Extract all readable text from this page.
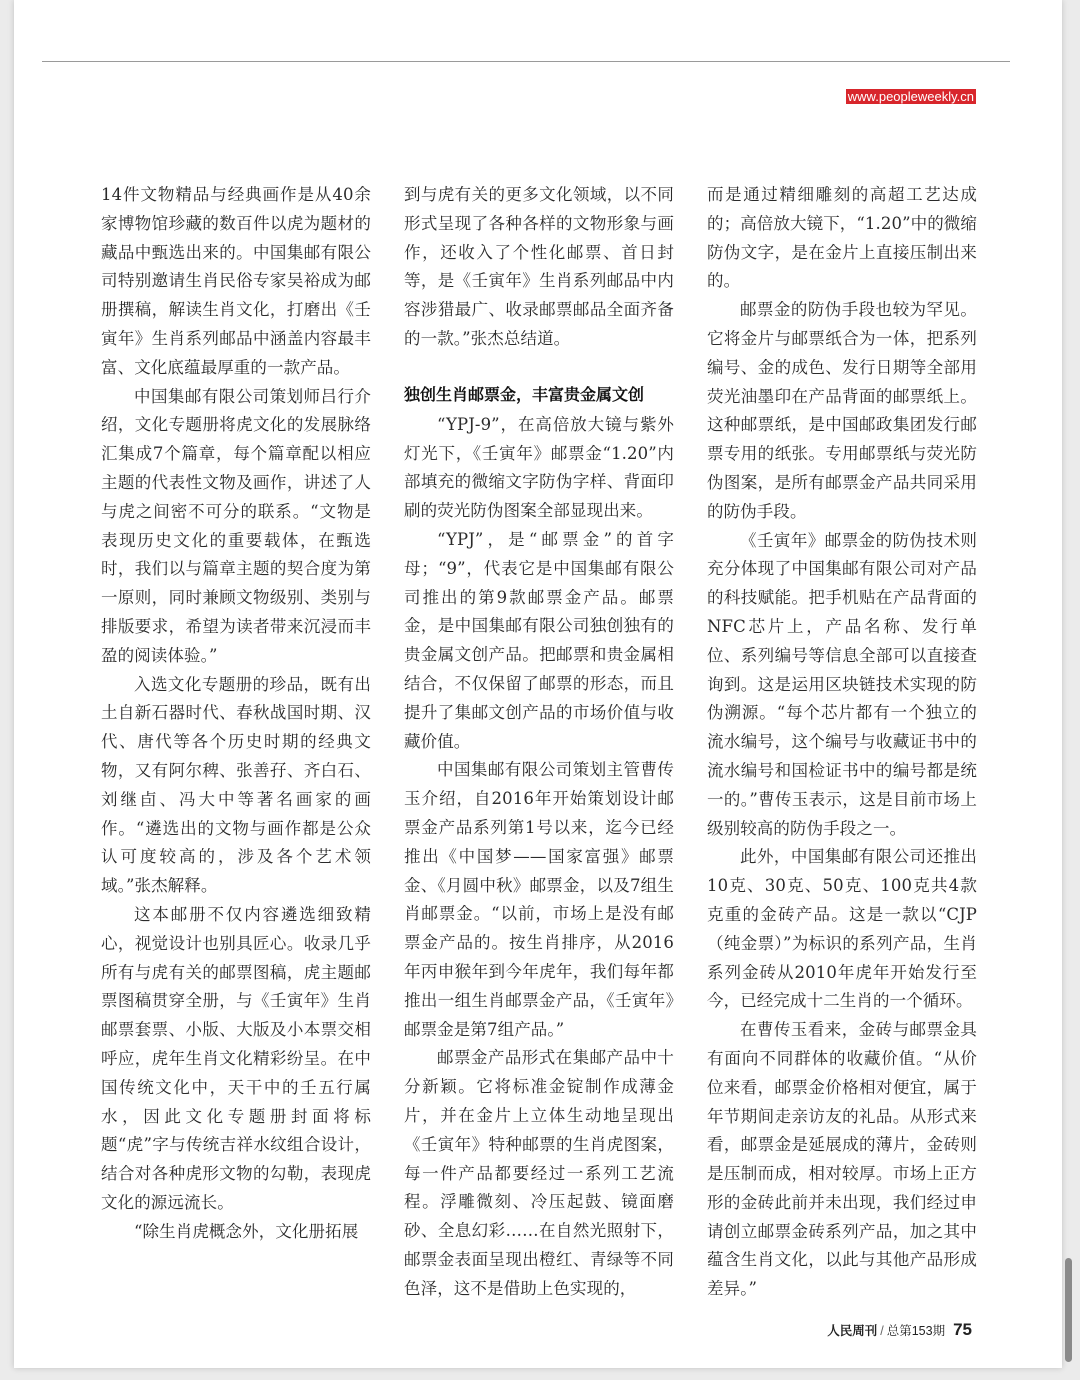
www.peopleweekly.cn

14件文物精品与经典画作是从40余家博物馆珍藏的数百件以虎为题材的藏品中甄选出来的。中国集邮有限公司特别邀请生肖民俗专家吴裕成为邮册撰稿，解读生肖文化，打磨出《壬寅年》生肖系列邮品中涵盖内容最丰富、文化底蕴最厚重的一款产品。

中国集邮有限公司策划师吕行介绍，文化专题册将虎文化的发展脉络汇集成7个篇章，每个篇章配以相应主题的代表性文物及画作，讲述了人与虎之间密不可分的联系。“文物是表现历史文化的重要载体，在甄选时，我们以与篇章主题的契合度为第一原则，同时兼顾文物级别、类别与排版要求，希望为读者带来沉浸而丰盈的阅读体验。”

入选文化专题册的珍品，既有出土自新石器时代、春秋战国时期、汉代、唐代等各个历史时期的经典文物，又有阿尔稗、张善孖、齐白石、刘继卣、冯大中等著名画家的画作。“遴选出的文物与画作都是公众认可度较高的，涉及各个艺术领域。”张杰解释。

这本邮册不仅内容遴选细致精心，视觉设计也别具匠心。收录几乎所有与虎有关的邮票图稿，虎主题邮票图稿贯穿全册，与《壬寅年》生肖邮票套票、小版、大版及小本票交相呼应，虎年生肖文化精彩纷呈。在中国传统文化中，天干中的壬五行属水，因此文化专题册封面将标题“虎”字与传统吉祥水纹组合设计，结合对各种虎形文物的勾勒，表现虎文化的源远流长。

“除生肖虎概念外，文化册拓展

到与虎有关的更多文化领域，以不同形式呈现了各种各样的文物形象与画作，还收入了个性化邮票、首日封等，是《壬寅年》生肖系列邮品中内容涉猎最广、收录邮票邮品全面齐备的一款。”张杰总结道。

独创生肖邮票金，丰富贵金属文创

“YPJ-9”，在高倍放大镜与紫外灯光下，《壬寅年》邮票金“1.20”内部填充的微缩文字防伪字样、背面印刷的荧光防伪图案全部显现出来。

“YPJ”，是“邮票金”的首字母；“9”，代表它是中国集邮有限公司推出的第9款邮票金产品。邮票金，是中国集邮有限公司独创独有的贵金属文创产品。把邮票和贵金属相结合，不仅保留了邮票的形态，而且提升了集邮文创产品的市场价值与收藏价值。

中国集邮有限公司策划主管曹传玉介绍，自2016年开始策划设计邮票金产品系列第1号以来，迄今已经推出《中国梦——国家富强》邮票金、《月圆中秋》邮票金，以及7组生肖邮票金。“以前，市场上是没有邮票金产品的。按生肖排序，从2016年丙申猴年到今年虎年，我们每年都推出一组生肖邮票金产品，《壬寅年》邮票金是第7组产品。”

邮票金产品形式在集邮产品中十分新颖。它将标准金锭制作成薄金片，并在金片上立体生动地呈现出《壬寅年》特种邮票的生肖虎图案，每一件产品都要经过一系列工艺流程。浮雕微刻、冷压起鼓、镜面磨砂、全息幻彩……在自然光照射下，邮票金表面呈现出橙红、青绿等不同色泽，这不是借助上色实现的，

而是通过精细雕刻的高超工艺达成的；高倍放大镜下，“1.20”中的微缩防伪文字，是在金片上直接压制出来的。

邮票金的防伪手段也较为罕见。它将金片与邮票纸合为一体，把系列编号、金的成色、发行日期等全部用荧光油墨印在产品背面的邮票纸上。这种邮票纸，是中国邮政集团发行邮票专用的纸张。专用邮票纸与荧光防伪图案，是所有邮票金产品共同采用的防伪手段。

《壬寅年》邮票金的防伪技术则充分体现了中国集邮有限公司对产品的科技赋能。把手机贴在产品背面的NFC芯片上，产品名称、发行单位、系列编号等信息全部可以直接查询到。这是运用区块链技术实现的防伪溯源。“每个芯片都有一个独立的流水编号，这个编号与收藏证书中的流水编号和国检证书中的编号都是统一的。”曹传玉表示，这是目前市场上级别较高的防伪手段之一。

此外，中国集邮有限公司还推出10克、30克、50克、100克共4款克重的金砖产品。这是一款以“CJP（纯金票）”为标识的系列产品，生肖系列金砖从2010年虎年开始发行至今，已经完成十二生肖的一个循环。

在曹传玉看来，金砖与邮票金具有面向不同群体的收藏价值。“从价位来看，邮票金价格相对便宜，属于年节期间走亲访友的礼品。从形式来看，邮票金是延展成的薄片，金砖则是压制而成，相对较厚。市场上正方形的金砖此前并未出现，我们经过申请创立邮票金砖系列产品，加之其中蕴含生肖文化，以此与其他产品形成差异。”

人民周刊 / 总第153期 75
